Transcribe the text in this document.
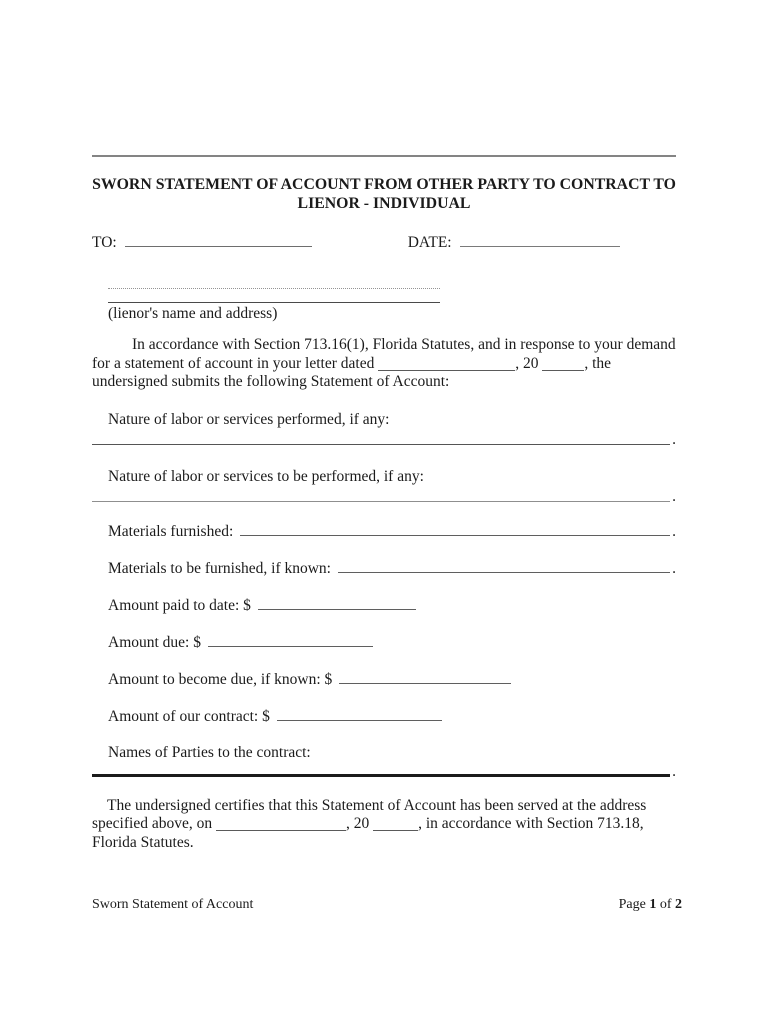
SWORN STATEMENT OF ACCOUNT FROM OTHER PARTY TO CONTRACT TO
LIENOR - INDIVIDUAL
TO:	DATE:
(lienor's name and address)

In accordance with Section 713.16(1), Florida Statutes, and in response to your demand for a statement of account in your letter dated	, 20	, the undersigned submits the following Statement of Account:

Nature of labor or services performed, if any:
.
Nature of labor or services to be performed, if any:
.
Materials furnished:	.
Materials to be furnished, if known:	.
Amount paid to date: $
Amount due: $
Amount to become due, if known: $
Amount of our contract: $
Names of Parties to the contract:
.

The undersigned certifies that this Statement of Account has been served at the address specified above, on	, 20	, in accordance with Section 713.18, Florida Statutes.

Sworn Statement of Account	Page 1 of 2
